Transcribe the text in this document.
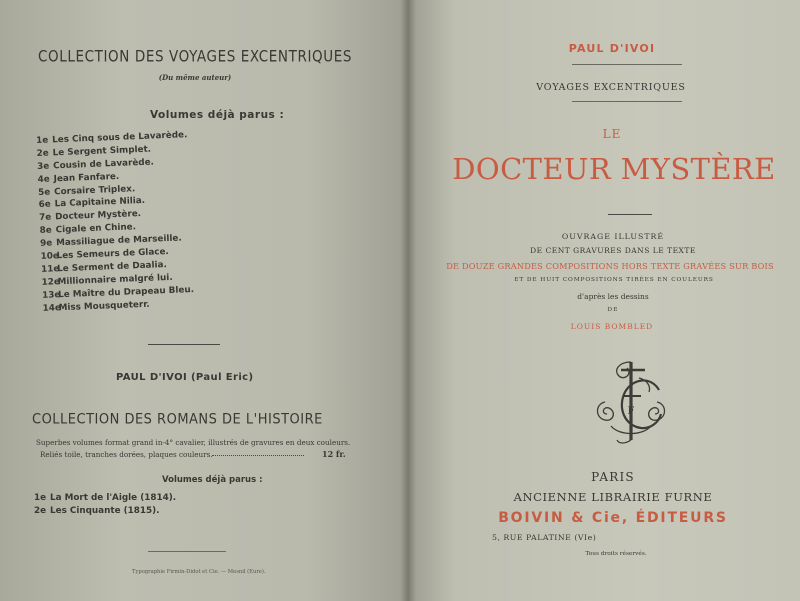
COLLECTION DES VOYAGES EXCENTRIQUES
(Du même auteur)
Volumes déjà parus :
1e Les Cinq sous de Lavarède.
2e Le Sergent Simplet.
3e Cousin de Lavarède.
4e Jean Fanfare.
5e Corsaire Triplex.
6e La Capitaine Nilia.
7e Docteur Mystère.
8e Cigale en Chine.
9e Massiliague de Marseille.
10eLes Semeurs de Glace.
11eLe Serment de Daalia.
12eMillionnaire malgré lui.
13eLe Maître du Drapeau Bleu.
14eMiss Mousqueterr.
PAUL D'IVOI (Paul Eric)
COLLECTION DES ROMANS DE L'HISTOIRE
Superbes volumes format grand in-4° cavalier, illustrés de gravures en deux couleurs.
Reliés toile, tranches dorées, plaques couleurs.	12 fr.
Volumes déjà parus :
1e La Mort de l'Aigle (1814).
2e Les Cinquante (1815).
Typographie Firmin-Didot et Cie. — Mesnil (Eure).
PAUL D'IVOI
VOYAGES EXCENTRIQUES
LE
DOCTEUR MYSTÈRE
OUVRAGE ILLUSTRÉ
DE CENT GRAVURES DANS LE TEXTE
DE DOUZE GRANDES COMPOSITIONS HORS TEXTE GRAVÉES SUR BOIS
ET DE HUIT COMPOSITIONS TIRÉES EN COULEURS
d'après les dessins
DE
LOUIS BOMBLED
F
PARIS
ANCIENNE LIBRAIRIE FURNE
BOIVIN & Cie, ÉDITEURS
5, RUE PALATINE (VIe)
Tous droits réservés.
